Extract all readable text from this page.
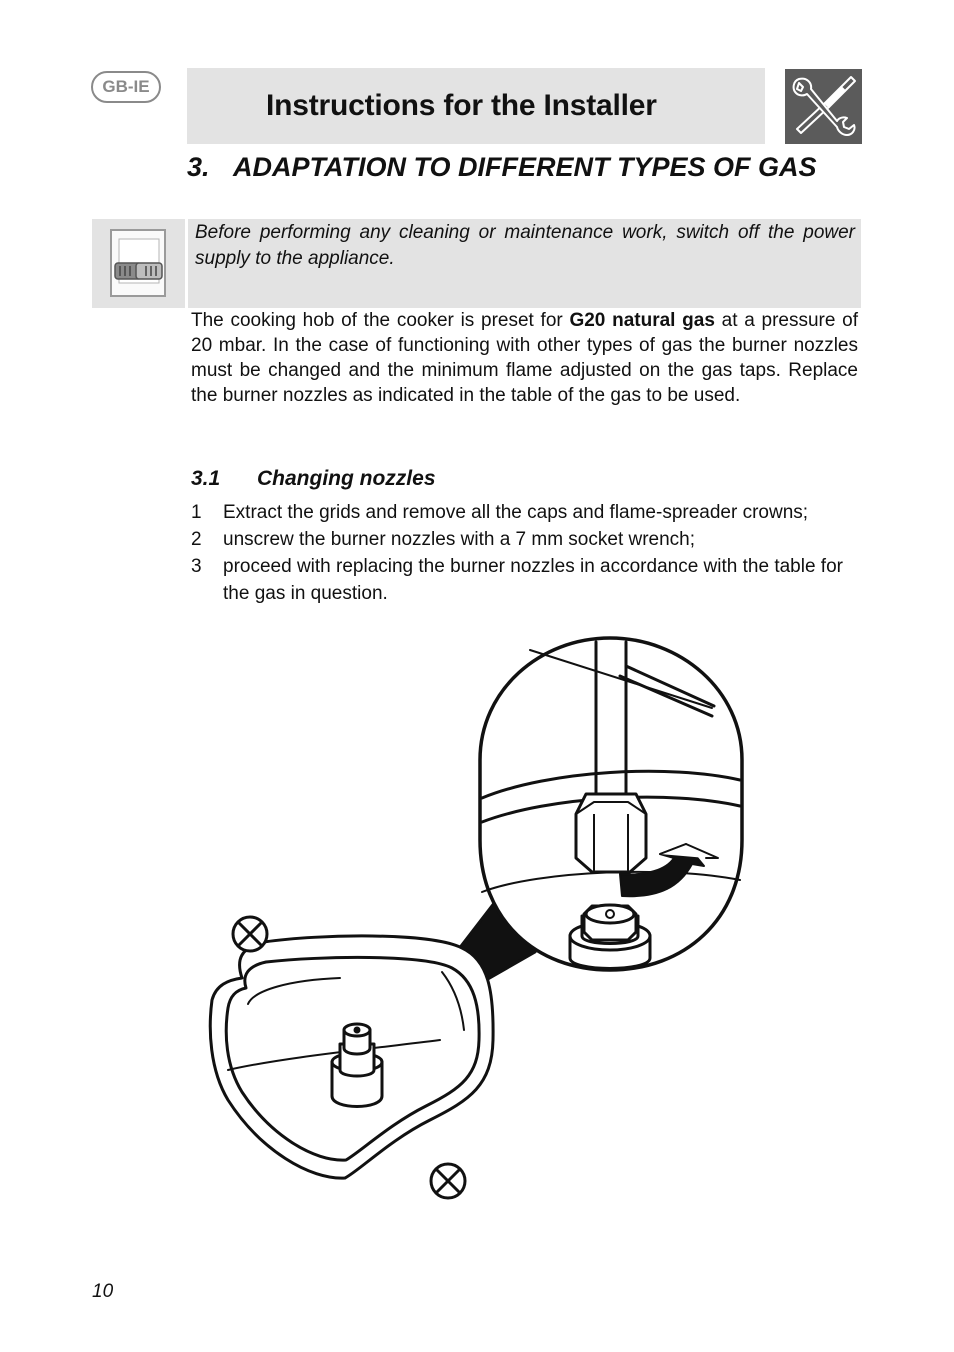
GB-IE
Instructions for the Installer
3. ADAPTATION TO DIFFERENT TYPES OF GAS

Before performing any cleaning or maintenance work, switch off the power supply to the appliance.

The cooking hob of the cooker is preset for G20 natural gas at a pressure of 20 mbar. In the case of functioning with other types of gas the burner nozzles must be changed and the minimum flame adjusted on the gas taps. Replace the burner nozzles as indicated in the table of the gas to be used.

3.1 Changing nozzles
1 Extract the grids and remove all the caps and flame-spreader crowns;
2 unscrew the burner nozzles with a 7 mm socket wrench;
3 proceed with replacing the burner nozzles in accordance with the table for the gas in question.
10
